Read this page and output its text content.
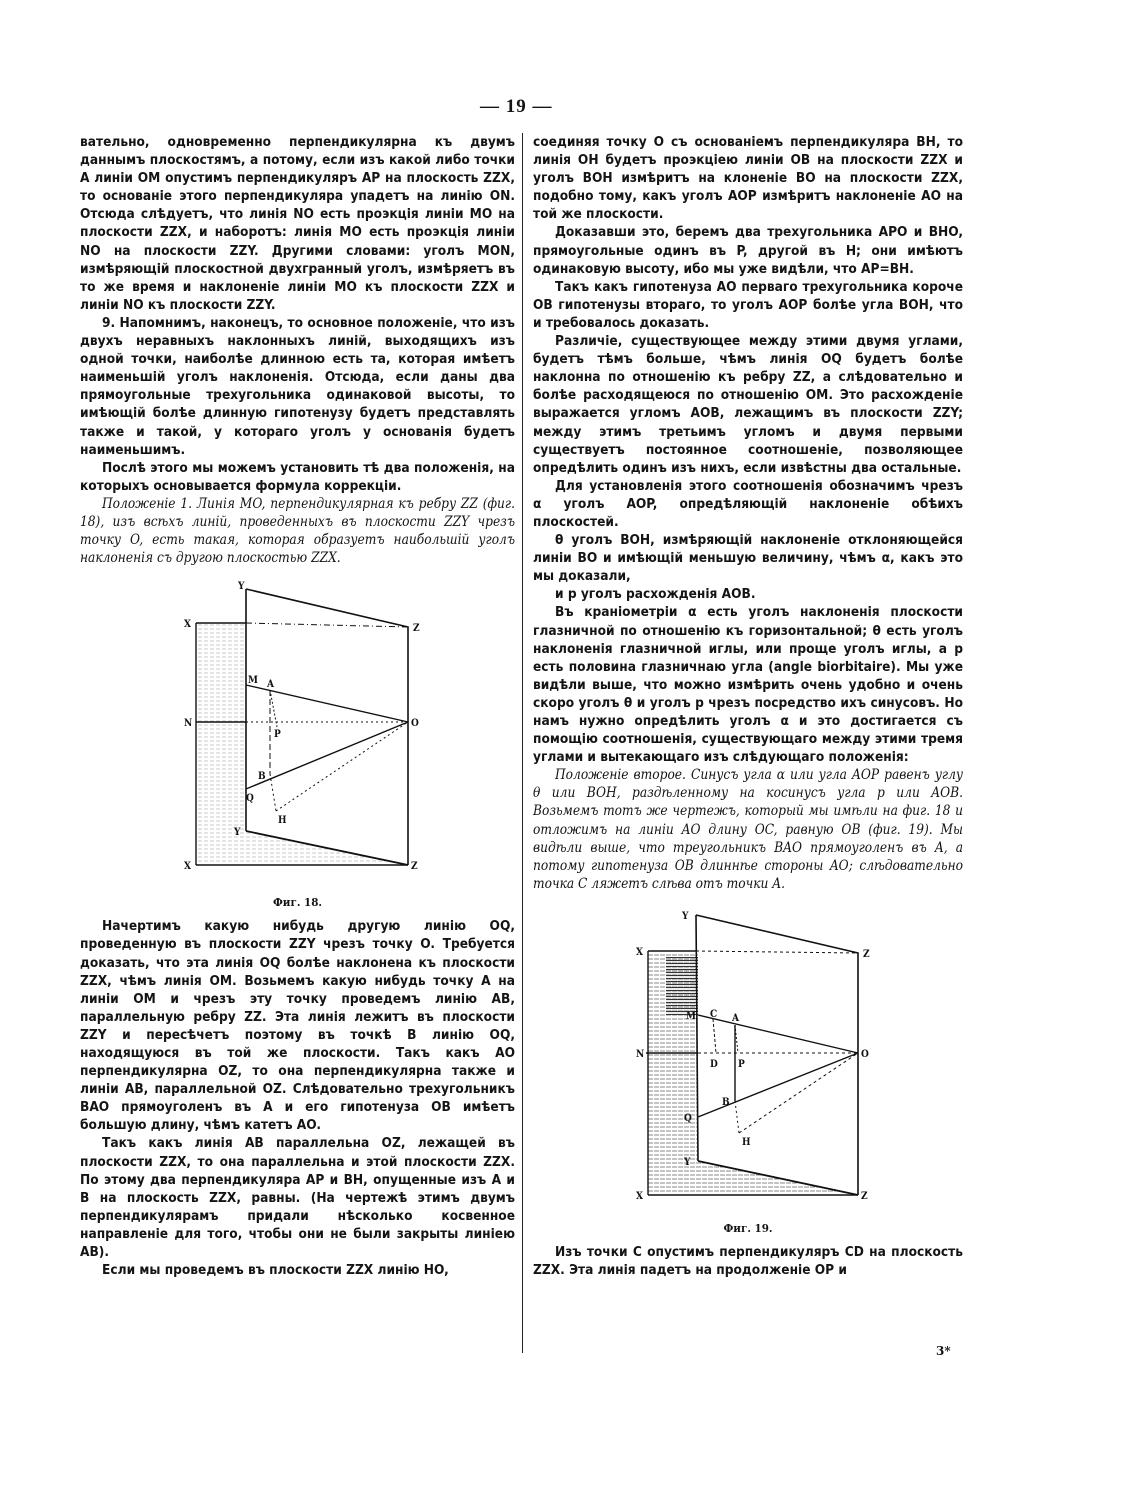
— 19 —

вательно, одновременно перпендикулярна къ двумъ даннымъ плоскостямъ, а потому, если изъ какой либо точки A линіи OM опустимъ перпендикуляръ AP на плоскость ZZX, то основаніе этого перпендикуляра упадетъ на линію ON. Отсюда слѣдуетъ, что линія NO есть проэкція линіи MO на плоскости ZZX, и наборотъ: линія MO есть проэкція линіи NO на плоскости ZZY. Другими словами: уголъ MON, измѣряющій плоскостной двухгранный уголъ, измѣряетъ въ то же время и наклоненіе линіи MO къ плоскости ZZX и линіи NO къ плоскости ZZY.

9. Напомнимъ, наконецъ, то основное положеніе, что изъ двухъ неравныхъ наклонныхъ линій, выходящихъ изъ одной точки, наиболѣе длинною есть та, которая имѣетъ наименьшій уголъ наклоненія. Отсюда, если даны два прямоугольные трехугольника одинаковой высоты, то имѣющій болѣе длинную гипотенузу будетъ представлять также и такой, у котораго уголъ у основанія будетъ наименьшимъ.

Послѣ этого мы можемъ установить тѣ два положенія, на которыхъ основывается формула коррекціи.

Положеніе 1. Линія MO, перпендикулярная къ ребру ZZ (фиг. 18), изъ всѣхъ линій, проведенныхъ въ плоскости ZZY чрезъ точку O, есть такая, которая образуетъ наибольшій уголъ наклоненія съ другою плоскостью ZZX.

Y
X	Z
M A
N
P
O
B
Q
H
Y
X	Z
Фиг. 18.

Начертимъ какую нибудь другую линію OQ, проведенную въ плоскости ZZY чрезъ точку O. Требуется доказать, что эта линія OQ болѣе наклонена къ плоскости ZZX, чѣмъ линія OM. Возьмемъ какую нибудь точку A на линіи OM и чрезъ эту точку проведемъ линію AB, параллельную ребру ZZ. Эта линія лежитъ въ плоскости ZZY и пересѣчетъ поэтому въ точкѣ B линію OQ, находящуюся въ той же плоскости. Такъ какъ AO перпендикулярна OZ, то она перпендикулярна также и линіи AB, параллельной OZ. Слѣдовательно трехугольникъ BAO прямоуголенъ въ A и его гипотенуза OB имѣетъ большую длину, чѣмъ катетъ AO.

Такъ какъ линія AB параллельна OZ, лежащей въ плоскости ZZX, то она параллельна и этой плоскости ZZX. По этому два перпендикуляра AP и BH, опущенные изъ A и B на плоскость ZZX, равны. (На чертежѣ этимъ двумъ перпендикулярамъ придали нѣсколько косвенное направленіе для того, чтобы они не были закрыты линіею AB).

Если мы проведемъ въ плоскости ZZX линію HO,

соединяя точку O съ основаніемъ перпендикуляра BH, то линія OH будетъ проэкціею линіи OB на плоскости ZZX и уголъ BOH измѣритъ на клоненіе BO на плоскости ZZX, подобно тому, какъ уголъ AOP измѣритъ наклоненіе AO на той же плоскости.

Доказавши это, беремъ два трехугольника APO и BHO, прямоугольные одинъ въ P, другой въ H; они имѣютъ одинаковую высоту, ибо мы уже видѣли, что AP=BH.

Такъ какъ гипотенуза AO перваго трехугольника короче OB гипотенузы втораго, то уголъ AOP болѣе угла BOH, что и требовалось доказать.

Различіе, существующее между этими двумя углами, будетъ тѣмъ больше, чѣмъ линія OQ будетъ болѣе наклонна по отношенію къ ребру ZZ, а слѣдовательно и болѣе расходящеюся по отношенію OM. Это расхожденіе выражается угломъ AOB, лежащимъ въ плоскости ZZY; между этимъ третьимъ угломъ и двумя первыми существуетъ постоянное соотношеніе, позволяющее опредѣлить одинъ изъ нихъ, если извѣстны два остальные.

Для установленія этого соотношенія обозначимъ чрезъ α уголъ AOP, опредѣляющій наклоненіе обѣихъ плоскостей.

θ уголъ BOH, измѣряющій наклоненіе отклоняющейся линіи BO и имѣющій меньшую величину, чѣмъ α, какъ это мы доказали,

и p уголъ расхожденія AOB.

Въ краніометріи α есть уголъ наклоненія плоскости глазничной по отношенію къ горизонтальной; θ есть уголъ наклоненія глазничной иглы, или проще уголъ иглы, а p есть половина глазничнаю угла (angle biorbitaire). Мы уже видѣли выше, что можно измѣрить очень удобно и очень скоро уголъ θ и уголъ p чрезъ посредство ихъ синусовъ. Но намъ нужно опредѣлить уголъ α и это достигается съ помощію соотношенія, существующаго между этими тремя углами и вытекающаго изъ слѣдующаго положенія:

Положеніе второе. Синусъ угла α или угла AOP равенъ углу θ или BOH, раздѣленному на косинусъ угла p или AOB. Возьмемъ тотъ же чертежъ, который мы имѣли на фиг. 18 и отложимъ на линіи AO длину OC, равную OB (фиг. 19). Мы видѣли выше, что треугольникъ BAO прямоуголенъ въ A, а потому гипотенуза OB длиннѣе стороны AO; слѣдовательно точка C ляжетъ слѣва отъ точки A.

Y
X	Z
M C A
N
D P
O
B
Q
H
Y
X	Z
Фиг. 19.

Изъ точки C опустимъ перпендикуляръ CD на плоскость ZZX. Эта линія падетъ на продолженіе OP и

3*
